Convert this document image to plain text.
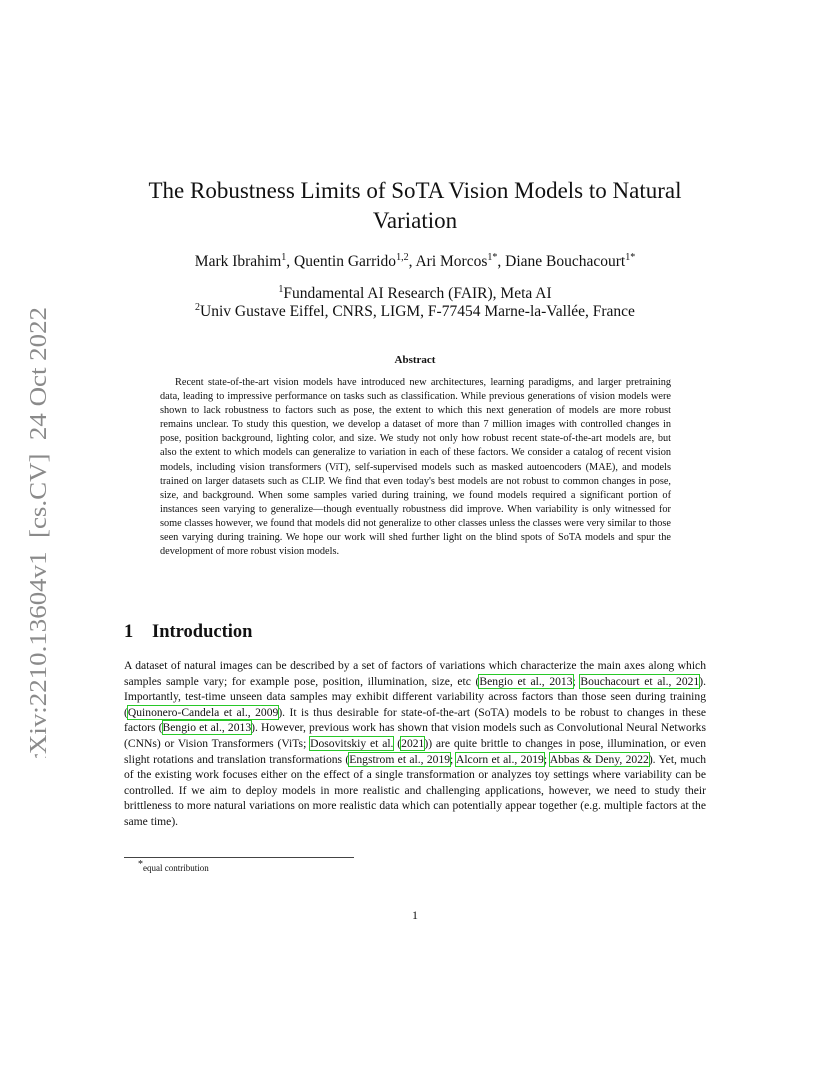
arXiv:2210.13604v1  [cs.CV]  24 Oct 2022
The Robustness Limits of SoTA Vision Models to Natural Variation
Mark Ibrahim$^1$, Quentin Garrido$^{1,2}$, Ari Morcos$^{1*}$, Diane Bouchacourt$^{1*}$
$^1$Fundamental AI Research (FAIR), Meta AI
$^2$Univ Gustave Eiffel, CNRS, LIGM, F-77454 Marne-la-Vallée, France
Abstract

Recent state-of-the-art vision models have introduced new architectures, learning paradigms, and larger pretraining data, leading to impressive performance on tasks such as classification. While previous generations of vision models were shown to lack robustness to factors such as pose, the extent to which this next generation of models are more robust remains unclear. To study this question, we develop a dataset of more than 7 million images with controlled changes in pose, position background, lighting color, and size. We study not only how robust recent state-of-the-art models are, but also the extent to which models can generalize to variation in each of these factors. We consider a catalog of recent vision models, including vision transformers (ViT), self-supervised models such as masked autoencoders (MAE), and models trained on larger datasets such as CLIP. We find that even today's best models are not robust to common changes in pose, size, and background. When some samples varied during training, we found models required a significant portion of instances seen varying to generalize—though eventually robustness did improve. When variability is only witnessed for some classes however, we found that models did not generalize to other classes unless the classes were very similar to those seen varying during training. We hope our work will shed further light on the blind spots of SoTA models and spur the development of more robust vision models.

1 Introduction

A dataset of natural images can be described by a set of factors of variations which characterize the main axes along which samples sample vary; for example pose, position, illumination, size, etc (Bengio et al., 2013; Bouchacourt et al., 2021). Importantly, test-time unseen data samples may exhibit different variability across factors than those seen during training (Quinonero-Candela et al., 2009). It is thus desirable for state-of-the-art (SoTA) models to be robust to changes in these factors (Bengio et al., 2013). However, previous work has shown that vision models such as Convolutional Neural Networks (CNNs) or Vision Transformers (ViTs; Dosovitskiy et al. (2021)) are quite brittle to changes in pose, illumination, or even slight rotations and translation transformations (Engstrom et al., 2019; Alcorn et al., 2019; Abbas & Deny, 2022). Yet, much of the existing work focuses either on the effect of a single transformation or analyzes toy settings where variability can be controlled. If we aim to deploy models in more realistic and challenging applications, however, we need to study their brittleness to more natural variations on more realistic data which can potentially appear together (e.g. multiple factors at the same time).

*equal contribution
1
